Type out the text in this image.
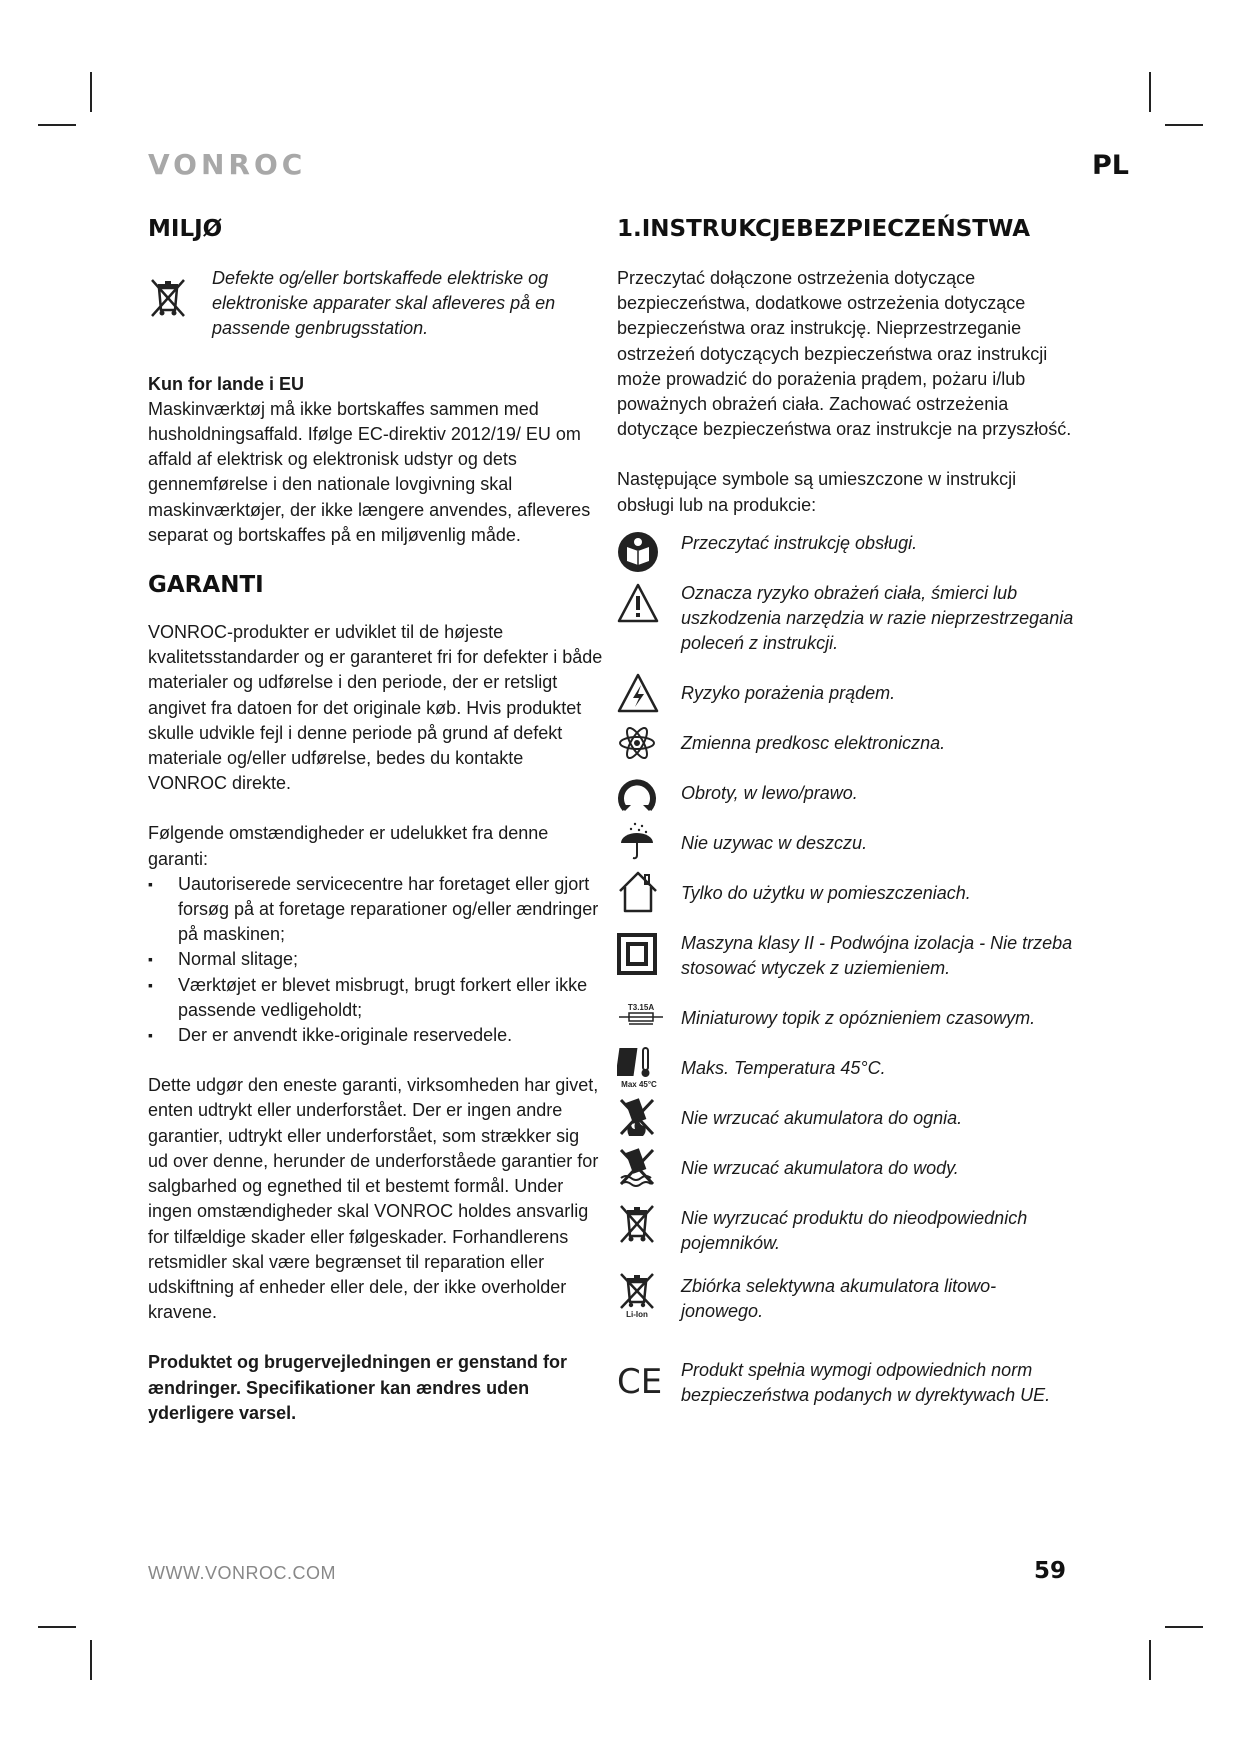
VONROC	PL
MILJØ

Defekte og/eller bortskaffede elektriske og elektroniske apparater skal afleveres på en passende genbrugsstation.

Kun for lande i EU

Maskinværktøj må ikke bortskaffes sammen med husholdningsaffald. Ifølge EC-direktiv 2012/19/ EU om affald af elektrisk og elektronisk udstyr og dets gennemførelse i den nationale lovgivning skal maskinværktøjer, der ikke længere anvendes, afleveres separat og bortskaffes på en miljøvenlig måde.

GARANTI

VONROC-produkter er udviklet til de højeste kvalitetsstandarder og er garanteret fri for defekter i både materialer og udførelse i den periode, der er retsligt angivet fra datoen for det originale køb. Hvis produktet skulle udvikle fejl i denne periode på grund af defekt materiale og/eller udførelse, bedes du kontakte VONROC direkte.

Følgende omstændigheder er udelukket fra denne garanti:

▪ Uautoriserede servicecentre har foretaget eller gjort forsøg på at foretage reparationer og/eller ændringer på maskinen;
▪ Normal slitage;
▪ Værktøjet er blevet misbrugt, brugt forkert eller ikke passende vedligeholdt;
▪ Der er anvendt ikke-originale reservedele.

Dette udgør den eneste garanti, virksomheden har givet, enten udtrykt eller underforstået. Der er ingen andre garantier, udtrykt eller underforstået, som strækker sig ud over denne, herunder de underforståede garantier for salgbarhed og egnethed til et bestemt formål. Under ingen omstændigheder skal VONROC holdes ansvarlig for tilfældige skader eller følgeskader. Forhandlerens retsmidler skal være begrænset til reparation eller udskiftning af enheder eller dele, der ikke overholder kravene.

Produktet og brugervejledningen er genstand for ændringer. Specifikationer kan ændres uden yderligere varsel.

1.INSTRUKCJEBEZPIECZEŃSTWA

Przeczytać dołączone ostrzeżenia dotyczące bezpieczeństwa, dodatkowe ostrzeżenia dotyczące bezpieczeństwa oraz instrukcję. Nieprzestrzeganie ostrzeżeń dotyczących bezpieczeństwa oraz instrukcji może prowadzić do porażenia prądem, pożaru i/lub poważnych obrażeń ciała. Zachować ostrzeżenia dotyczące bezpieczeństwa oraz instrukcje na przyszłość.

Następujące symbole są umieszczone w instrukcji obsługi lub na produkcie:

Przeczytać instrukcję obsługi.
Oznacza ryzyko obrażeń ciała, śmierci lub uszkodzenia narzędzia w razie nieprzestrzegania poleceń z instrukcji.
Ryzyko porażenia prądem.
Zmienna predkosc elektroniczna.
Obroty, w lewo/prawo.
Nie uzywac w deszczu.
Tylko do użytku w pomieszczeniach.
Maszyna klasy II - Podwójna izolacja - Nie trzeba stosować wtyczek z uziemieniem.
T3.15A
Miniaturowy topik z opóznieniem czasowym.
Max 45°C
Maks. Temperatura 45°C.
Nie wrzucać akumulatora do ognia.
Nie wrzucać akumulatora do wody.
Nie wyrzucać produktu do nieodpowiednich pojemników.
Li-Ion
Zbiórka selektywna akumulatora litowo-jonowego.
CE Produkt spełnia wymogi odpowiednich norm bezpieczeństwa podanych w dyrektywach UE.
WWW.VONROC.COM	59
